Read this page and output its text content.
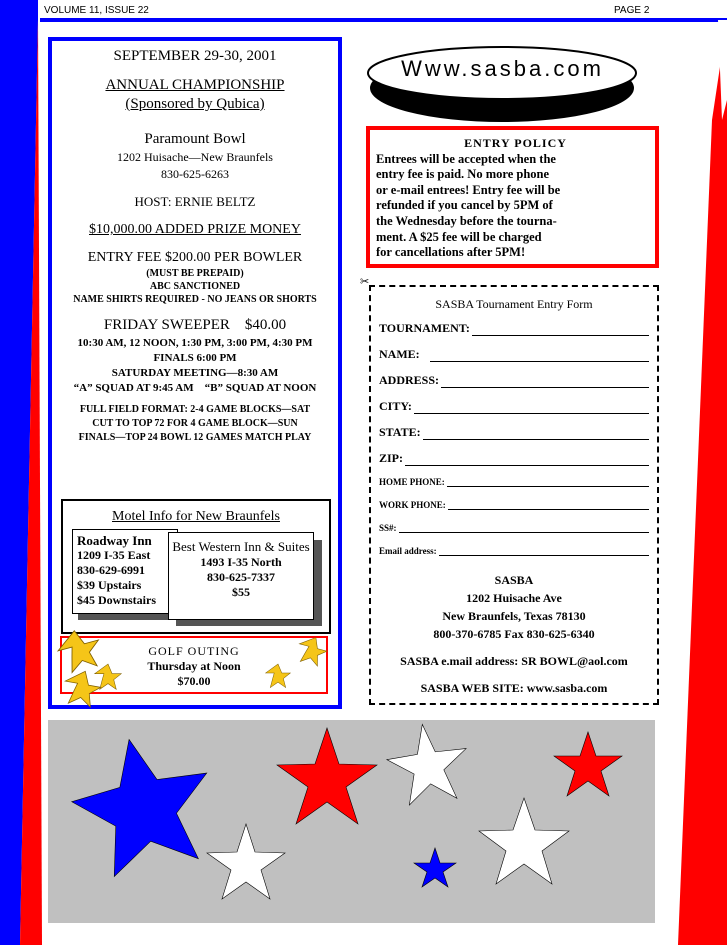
VOLUME 11, ISSUE 22	PAGE 2
SEPTEMBER 29-30, 2001
ANNUAL CHAMPIONSHIP
(Sponsored by Qubica)
Paramount Bowl
1202 Huisache—New Braunfels
830-625-6263
HOST: ERNIE BELTZ
$10,000.00 ADDED PRIZE MONEY
ENTRY FEE $200.00 PER BOWLER
(MUST BE PREPAID)
ABC SANCTIONED
NAME SHIRTS REQUIRED - NO JEANS OR SHORTS
FRIDAY SWEEPER    $40.00
10:30 AM, 12 NOON, 1:30 PM, 3:00 PM, 4:30 PM
FINALS 6:00 PM
SATURDAY MEETING—8:30 AM
“A” SQUAD AT 9:45 AM    “B” SQUAD AT NOON
FULL FIELD FORMAT: 2-4 GAME BLOCKS—SAT
CUT TO TOP 72 FOR 4 GAME BLOCK—SUN
FINALS—TOP 24 BOWL 12 GAMES MATCH PLAY
Motel Info for New Braunfels
Roadway Inn
1209 I-35 East
830-629-6991
$39 Upstairs
$45 Downstairs
Best Western Inn & Suites
1493 I-35 North
830-625-7337
$55
GOLF OUTING
Thursday at Noon
$70.00
Www.sasba.com
ENTRY POLICY
Entrees will be accepted when the
entry fee is paid. No more phone
or e-mail entrees! Entry fee will be
refunded if you cancel by 5PM of
the Wednesday before the tourna-
ment. A $25 fee will be charged
for cancellations after 5PM!
✂
SASBA Tournament Entry Form
TOURNAMENT:
NAME:
ADDRESS:
CITY:
STATE:
ZIP:
HOME PHONE:
WORK PHONE:
SS#:
Email address:
SASBA
1202 Huisache Ave
New Braunfels, Texas 78130
800-370-6785 Fax 830-625-6340
SASBA e.mail address: SR BOWL@aol.com
SASBA WEB SITE: www.sasba.com
